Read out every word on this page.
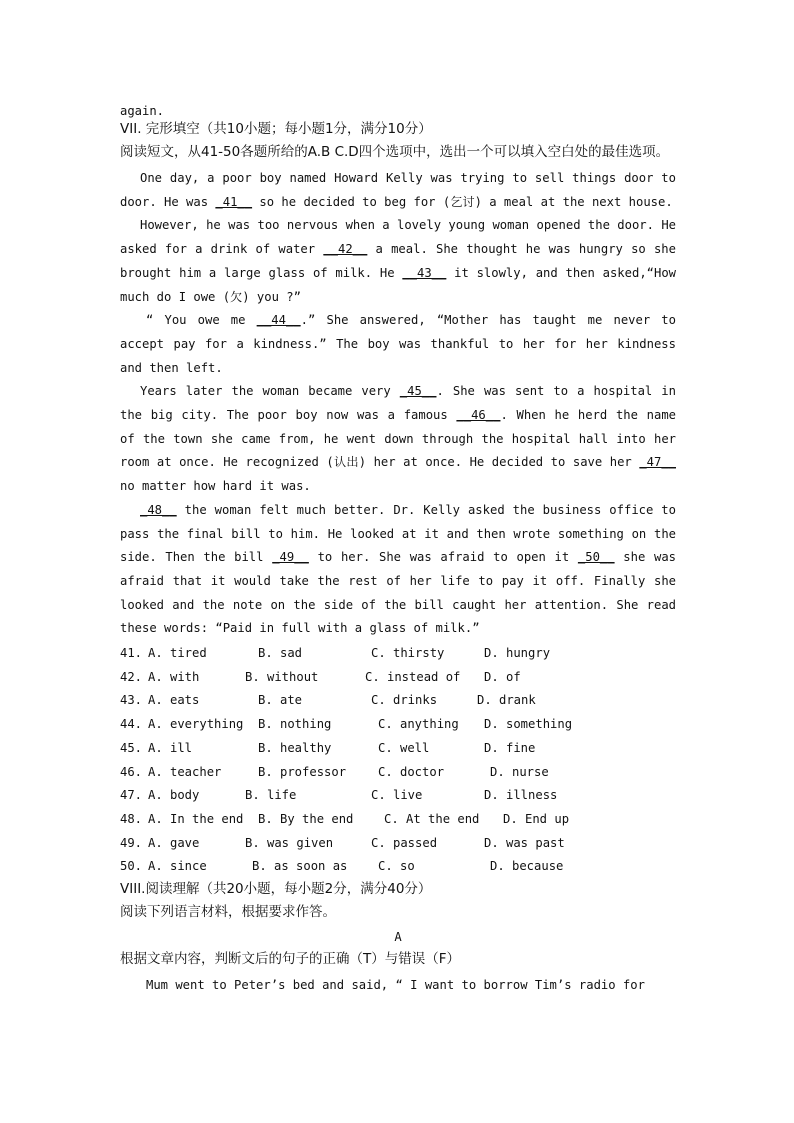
again.
VII. 完形填空（共10小题；每小题1分，满分10分）
阅读短文，从41-50各题所给的A.B C.D四个选项中，选出一个可以填入空白处的最佳选项。

One day, a poor boy named Howard Kelly was trying to sell things door to door. He was _41__ so he decided to beg for (乞讨) a meal at the next house.

However, he was too nervous when a lovely young woman opened the door. He asked for a drink of water __42__ a meal. She thought he was hungry so she brought him a large glass of milk. He __43__ it slowly, and then asked,“How much do I owe (欠) you ?”

“ You owe me __44__.” She answered, “Mother has taught me never to accept pay for a kindness.” The boy was thankful to her for her kindness and then left.

Years later the woman became very _45__. She was sent to a hospital in the big city. The poor boy now was a famous __46__. When he herd the name of the town she came from, he went down through the hospital hall into her room at once. He recognized (认出) her at once. He decided to save her _47__ no matter how hard it was.

_48__ the woman felt much better. Dr. Kelly asked the business office to pass the final bill to him. He looked at it and then wrote something on the side. Then the bill _49__ to her. She was afraid to open it _50__ she was afraid that it would take the rest of her life to pay it off. Finally she looked and the note on the side of the bill caught her attention. She read these words: “Paid in full with a glass of milk.”

41. A. tired	B. sad	C. thirsty	D. hungry
42. A. with	B. without	C. instead of D. of
43. A. eats	B. ate	C. drinks	D. drank
44. A. everything B. nothing	C. anything D. something
45. A. ill	B. healthy	C. well	D. fine
46. A. teacher	B. professor	C. doctor	D. nurse
47. A. body	B. life	C. live	D. illness
48. A. In the end B. By the end	C. At the end D. End up
49. A. gave	B. was given	C. passed	D. was past
50. A. since	B. as soon as	C. so	D. because
VIII.阅读理解（共20小题，每小题2分，满分40分）
阅读下列语言材料，根据要求作答。
A
根据文章内容，判断文后的句子的正确（T）与错误（F）
Mum went to Peter’s bed and said, “ I want to borrow Tim’s radio for
